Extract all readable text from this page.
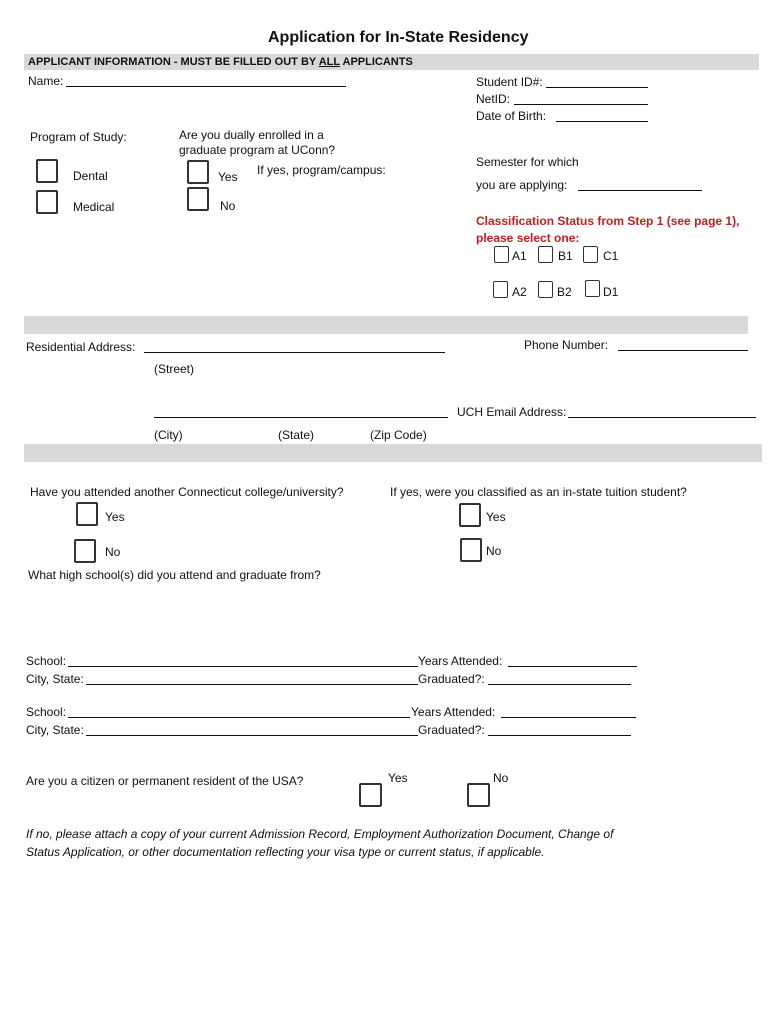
Application for In-State Residency
APPLICANT INFORMATION - MUST BE FILLED OUT BY ALL APPLICANTS
Name:	Student ID#:
NetID:
Date of Birth:
Program of Study:
Dental
Medical
Are you dually enrolled in a
graduate program at UConn?
Yes If yes, program/campus:
No
Semester for which
you are applying:
Classification Status from Step 1 (see page 1),
please select one:
A1	B1	C1
A2	B2	D1
Residential Address:
(Street)
Phone Number:
UCH Email Address:
(City)	(State)	(Zip Code)
Have you attended another Connecticut college/university?
Yes
No
If yes, were you classified as an in-state tuition student?
Yes
No
What high school(s) did you attend and graduate from?
School:	Years Attended:
City, State:	Graduated?:
School:	Years Attended:
City, State:	Graduated?:
Are you a citizen or permanent resident of the USA?	Yes	No
If no, please attach a copy of your current Admission Record, Employment Authorization Document, Change of
Status Application, or other documentation reflecting your visa type or current status, if applicable.
